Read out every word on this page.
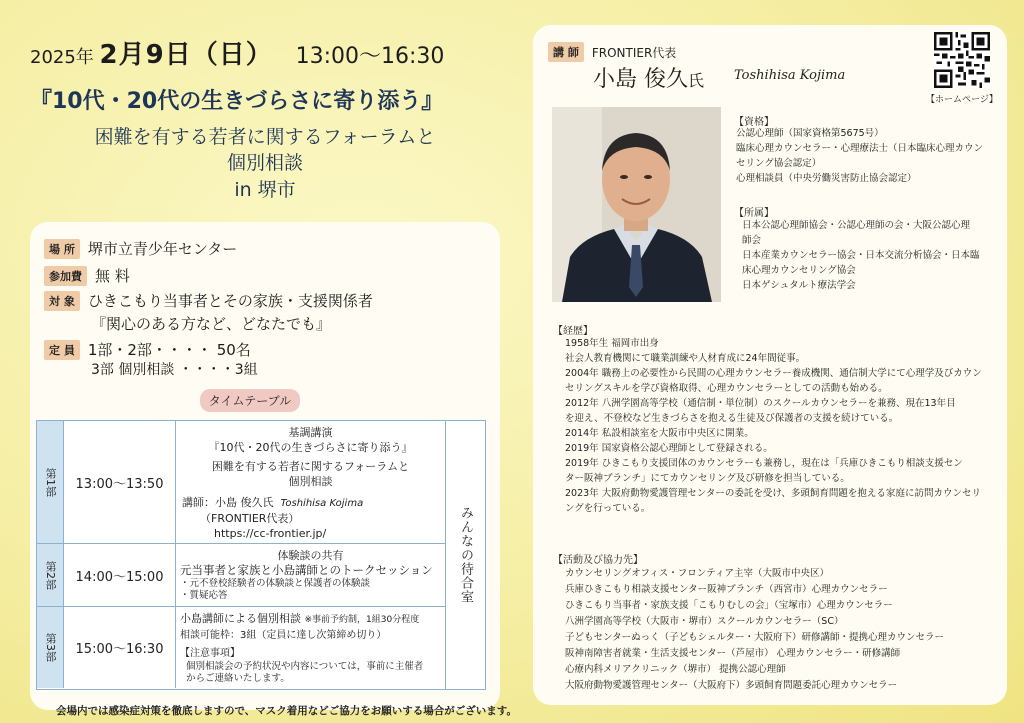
2025年 2月9日（日） 13:00〜16:30
『10代・20代の生きづらさに寄り添う』
困難を有する若者に関するフォーラムと
個別相談
in 堺市
場 所 堺市立青少年センター
参加費 無 料
対 象 ひきこもり当事者とその家族・支援関係者
『関心のある方など、どなたでも』
定 員 1部・2部・・・・ 50名
3部 個別相談 ・・・・3組
タイムテーブル
第1部	13:00〜13:50
基調講演
『10代・20代の生きづらさに寄り添う』
困難を有する若者に関するフォーラムと
個別相談
講師：小島 俊久氏 Toshihisa Kojima
（FRONTIER代表）
https://cc-frontier.jp/
第2部	14:00〜15:00
体験談の共有
元当事者と家族と小島講師とのトークセッション
・元不登校経験者の体験談と保護者の体験談
・質疑応答
第3部	15:00〜16:30
小島講師による個別相談 ※事前予約制，1組30分程度
相談可能枠：3組（定員に達し次第締め切り）
【注意事項】
個別相談会の予約状況や内容については，事前に主催者
からご連絡いたします。
みんなの待合室
会場内では感染症対策を徹底しますので、マスク着用などご協力をお願いする場合がございます。
講 師	FRONTIER代表
小島 俊久氏 Toshihisa Kojima
【ホームページ】
【資格】
公認心理師（国家資格第5675号）
臨床心理カウンセラー・心理療法士（日本臨床心理カウン
セリング協会認定）
心理相談員（中央労働災害防止協会認定）
【所属】
日本公認心理師協会・公認心理師の会・大阪公認心理
師会
日本産業カウンセラー協会・日本交流分析協会・日本臨
床心理カウンセリング協会
日本ゲシュタルト療法学会
【経歴】
1958年生 福岡市出身
社会人教育機関にて職業訓練や人材育成に24年間従事。
2004年 職務上の必要性から民間の心理カウンセラー養成機関、通信制大学にて心理学及びカウン
セリングスキルを学び資格取得、心理カウンセラーとしての活動も始める。
2012年 八洲学園高等学校（通信制・単位制）のスクールカウンセラーを兼務、現在13年目
を迎え、不登校など生きづらさを抱える生徒及び保護者の支援を続けている。
2014年 私設相談室を大阪市中央区に開業。
2019年 国家資格公認心理師として登録される。
2019年 ひきこもり支援団体のカウンセラーも兼務し，現在は「兵庫ひきこもり相談支援セン
ター阪神ブランチ」にてカウンセリング及び研修を担当している。
2023年 大阪府動物愛護管理センターの委託を受け、多頭飼育問題を抱える家庭に訪問カウンセリ
ングを行っている。
【活動及び協力先】
カウンセリングオフィス・フロンティア主宰（大阪市中央区）
兵庫ひきこもり相談支援センター阪神ブランチ（西宮市）心理カウンセラー
ひきこもり当事者・家族支援「こもりむしの会」（宝塚市）心理カウンセラー
八洲学園高等学校（大阪市・堺市）スクールカウンセラー（SC）
子どもセンターぬっく（子どもシェルター・大阪府下）研修講師・提携心理カウンセラー
阪神南障害者就業・生活支援センター（芦屋市） 心理カウンセラー・研修講師
心療内科メリアクリニック（堺市） 提携公認心理師
大阪府動物愛護管理センター（大阪府下）多頭飼育問題委託心理カウンセラー
